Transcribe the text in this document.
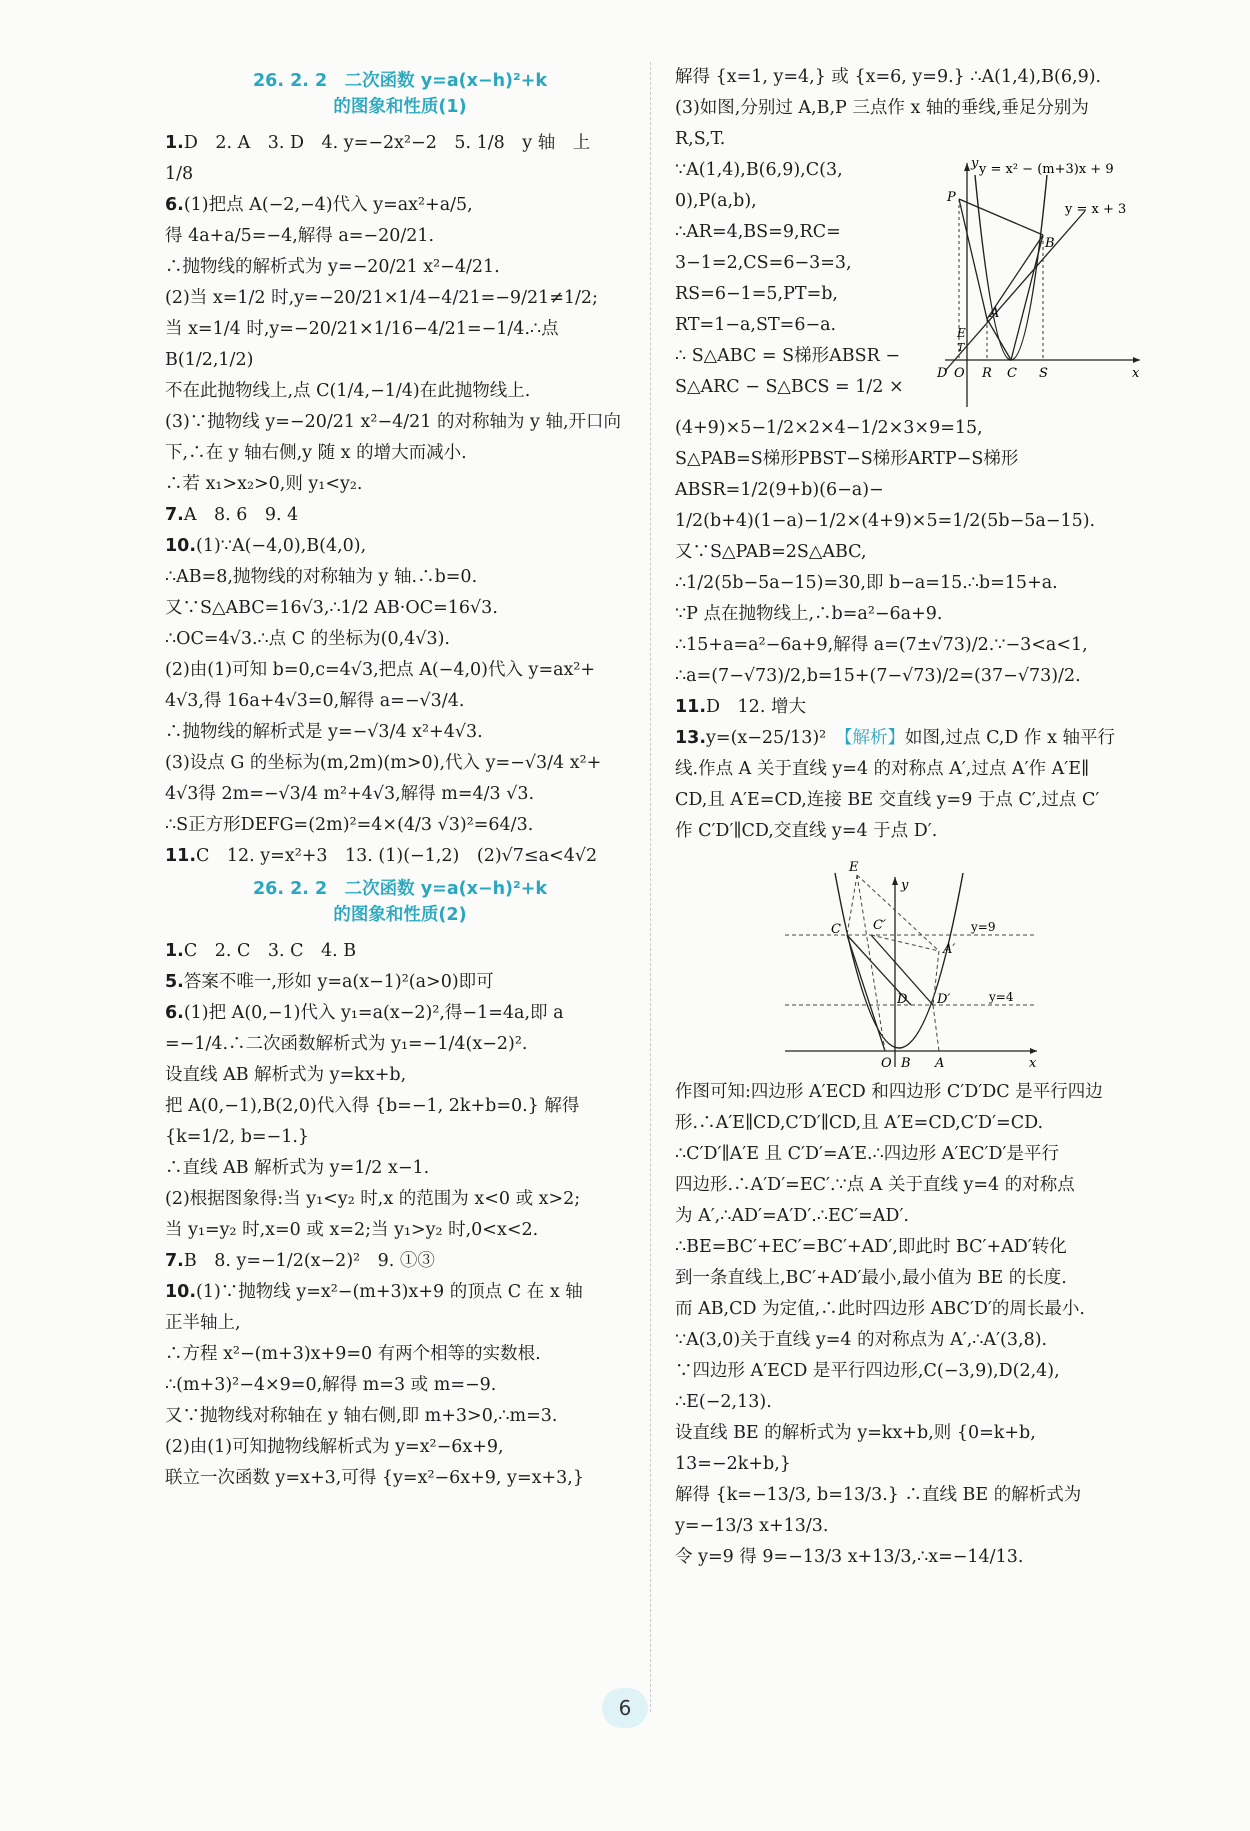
26. 2. 2　二次函数 y=a(x−h)²+k
的图象和性质(1)

1.D　2. A　3. D　4. y=−2x²−2　5. 1/8　y 轴　上　1/8

6.(1)把点 A(−2,−4)代入 y=ax²+a/5,

得 4a+a/5=−4,解得 a=−20/21.

∴抛物线的解析式为 y=−20/21 x²−4/21.

(2)当 x=1/2 时,y=−20/21×1/4−4/21=−9/21≠1/2;

当 x=1/4 时,y=−20/21×1/16−4/21=−1/4.∴点 B(1/2,1/2)

不在此抛物线上,点 C(1/4,−1/4)在此抛物线上.

(3)∵抛物线 y=−20/21 x²−4/21 的对称轴为 y 轴,开口向

下,∴在 y 轴右侧,y 随 x 的增大而减小.

∴若 x₁>x₂>0,则 y₁<y₂.

7.A　8. 6　9. 4

10.(1)∵A(−4,0),B(4,0),

∴AB=8,抛物线的对称轴为 y 轴.∴b=0.

又∵S△ABC=16√3,∴1/2 AB·OC=16√3.

∴OC=4√3.∴点 C 的坐标为(0,4√3).

(2)由(1)可知 b=0,c=4√3,把点 A(−4,0)代入 y=ax²+

4√3,得 16a+4√3=0,解得 a=−√3/4.

∴抛物线的解析式是 y=−√3/4 x²+4√3.

(3)设点 G 的坐标为(m,2m)(m>0),代入 y=−√3/4 x²+

4√3得 2m=−√3/4 m²+4√3,解得 m=4/3 √3.

∴S正方形DEFG=(2m)²=4×(4/3 √3)²=64/3.

11.C　12. y=x²+3　13. (1)(−1,2)　(2)√7≤a<4√2

26. 2. 2　二次函数 y=a(x−h)²+k
的图象和性质(2)

1.C　2. C　3. C　4. B

5.答案不唯一,形如 y=a(x−1)²(a>0)即可

6.(1)把 A(0,−1)代入 y₁=a(x−2)²,得−1=4a,即 a

=−1/4.∴二次函数解析式为 y₁=−1/4(x−2)².

设直线 AB 解析式为 y=kx+b,

把 A(0,−1),B(2,0)代入得 {b=−1, 2k+b=0.} 解得 {k=1/2, b=−1.}

∴直线 AB 解析式为 y=1/2 x−1.

(2)根据图象得:当 y₁<y₂ 时,x 的范围为 x<0 或 x>2;

当 y₁=y₂ 时,x=0 或 x=2;当 y₁>y₂ 时,0<x<2.

7.B　8. y=−1/2(x−2)²　9. ①③

10.(1)∵抛物线 y=x²−(m+3)x+9 的顶点 C 在 x 轴

正半轴上,

∴方程 x²−(m+3)x+9=0 有两个相等的实数根.

∴(m+3)²−4×9=0,解得 m=3 或 m=−9.

又∵抛物线对称轴在 y 轴右侧,即 m+3>0,∴m=3.

(2)由(1)可知抛物线解析式为 y=x²−6x+9,

联立一次函数 y=x+3,可得 {y=x²−6x+9, y=x+3,}

解得 {x=1, y=4,} 或 {x=6, y=9.} ∴A(1,4),B(6,9).

(3)如图,分别过 A,B,P 三点作 x 轴的垂线,垂足分别为

R,S,T.

∵A(1,4),B(6,9),C(3,

0),P(a,b),

∴AR=4,BS=9,RC=

3−1=2,CS=6−3=3,

RS=6−1=5,PT=b,

RT=1−a,ST=6−a.

∴ S△ABC = S梯形ABSR −

S△ARC − S△BCS = 1/2 ×

y = x² − (m+3)x + 9
y = x + 3
P
B
A
E
T
D O R C S	x
y

(4+9)×5−1/2×2×4−1/2×3×9=15,

S△PAB=S梯形PBST−S梯形ARTP−S梯形ABSR=1/2(9+b)(6−a)−

1/2(b+4)(1−a)−1/2×(4+9)×5=1/2(5b−5a−15).

又∵S△PAB=2S△ABC,

∴1/2(5b−5a−15)=30,即 b−a=15.∴b=15+a.

∵P 点在抛物线上,∴b=a²−6a+9.

∴15+a=a²−6a+9,解得 a=(7±√73)/2.∵−3<a<1,

∴a=(7−√73)/2,b=15+(7−√73)/2=(37−√73)/2.

11.D　12. 增大

13.y=(x−25/13)²　【解析】如图,过点 C,D 作 x 轴平行

线.作点 A 关于直线 y=4 的对称点 A′,过点 A′作 A′E∥

CD,且 A′E=CD,连接 BE 交直线 y=9 于点 C′,过点 C′

作 C′D′∥CD,交直线 y=4 于点 D′.

E
y
C C′	y=9
A′
D D′	y=4
O B A	x

作图可知:四边形 A′ECD 和四边形 C′D′DC 是平行四边

形.∴A′E∥CD,C′D′∥CD,且 A′E=CD,C′D′=CD.

∴C′D′∥A′E 且 C′D′=A′E.∴四边形 A′EC′D′是平行

四边形.∴A′D′=EC′.∵点 A 关于直线 y=4 的对称点

为 A′,∴AD′=A′D′.∴EC′=AD′.

∴BE=BC′+EC′=BC′+AD′,即此时 BC′+AD′转化

到一条直线上,BC′+AD′最小,最小值为 BE 的长度.

而 AB,CD 为定值,∴此时四边形 ABC′D′的周长最小.

∵A(3,0)关于直线 y=4 的对称点为 A′,∴A′(3,8).

∵四边形 A′ECD 是平行四边形,C(−3,9),D(2,4),

∴E(−2,13).

设直线 BE 的解析式为 y=kx+b,则 {0=k+b, 13=−2k+b,}

解得 {k=−13/3, b=13/3.} ∴直线 BE 的解析式为 y=−13/3 x+13/3.

令 y=9 得 9=−13/3 x+13/3,∴x=−14/13.

6
